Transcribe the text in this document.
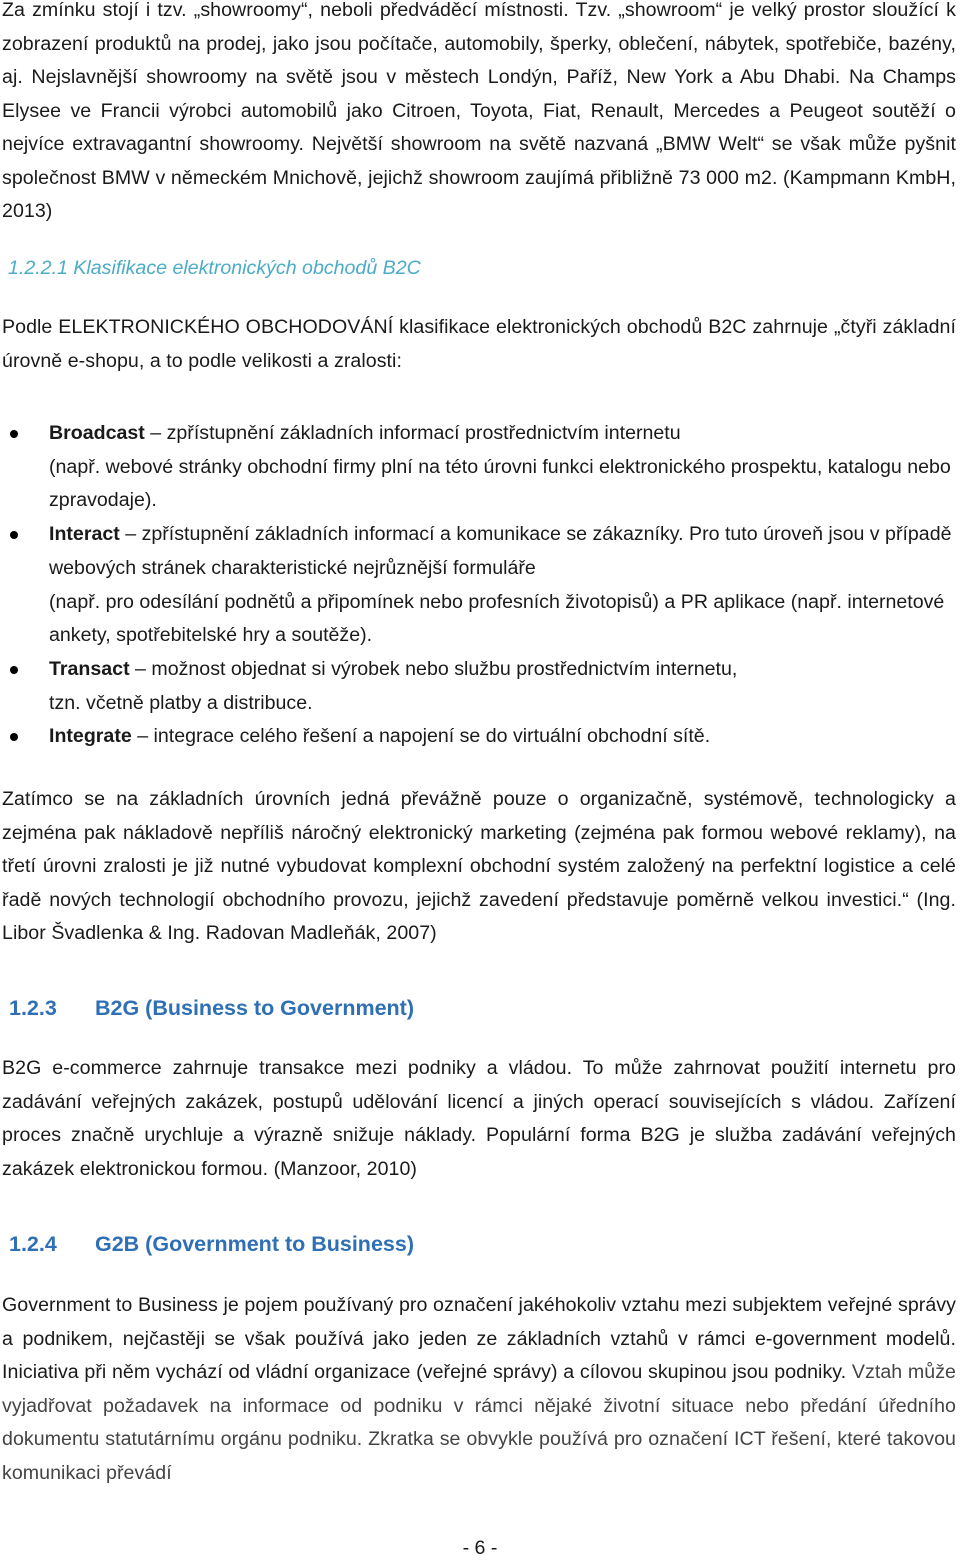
Za zmínku stojí i tzv. „showroomy“, neboli předváděcí místnosti. Tzv. „showroom“ je velký prostor sloužící k zobrazení produktů na prodej, jako jsou počítače, automobily, šperky, oblečení, nábytek, spotřebiče, bazény, aj. Nejslavnější showroomy na světě jsou v městech Londýn, Paříž, New York a Abu Dhabi. Na Champs Elysee ve Francii výrobci automobilů jako Citroen, Toyota, Fiat, Renault, Mercedes a Peugeot soutěží o nejvíce extravagantní showroomy. Největší showroom na světě nazvaná „BMW Welt“ se však může pyšnit společnost BMW v německém Mnichově, jejichž showroom zaujímá přibližně 73 000 m2. (Kampmann KmbH, 2013)

1.2.2.1 Klasifikace elektronických obchodů B2C

Podle ELEKTRONICKÉHO OBCHODOVÁNÍ klasifikace elektronických obchodů B2C zahrnuje „čtyři základní úrovně e-shopu, a to podle velikosti a zralosti:

Broadcast – zpřístupnění základních informací prostřednictvím internetu
(např. webové stránky obchodní firmy plní na této úrovni funkci elektronického prospektu, katalogu nebo zpravodaje).
Interact – zpřístupnění základních informací a komunikace se zákazníky. Pro tuto úroveň jsou v případě webových stránek charakteristické nejrůznější formuláře
(např. pro odesílání podnětů a připomínek nebo profesních životopisů) a PR aplikace (např. internetové ankety, spotřebitelské hry a soutěže).
Transact – možnost objednat si výrobek nebo službu prostřednictvím internetu,
tzn. včetně platby a distribuce.
Integrate – integrace celého řešení a napojení se do virtuální obchodní sítě.

Zatímco se na základních úrovních jedná převážně pouze o organizačně, systémově, technologicky a zejména pak nákladově nepříliš náročný elektronický marketing (zejména pak formou webové reklamy), na třetí úrovni zralosti je již nutné vybudovat komplexní obchodní systém založený na perfektní logistice a celé řadě nových technologií obchodního provozu, jejichž zavedení představuje poměrně velkou investici.“ (Ing. Libor Švadlenka & Ing. Radovan Madleňák, 2007)

1.2.3 B2G (Business to Government)

B2G e-commerce zahrnuje transakce mezi podniky a vládou. To může zahrnovat použití internetu pro zadávání veřejných zakázek, postupů udělování licencí a jiných operací souvisejících s vládou. Zařízení proces značně urychluje a výrazně snižuje náklady. Populární forma B2G je služba zadávání veřejných zakázek elektronickou formou. (Manzoor, 2010)

1.2.4 G2B (Government to Business)

Government to Business je pojem používaný pro označení jakéhokoliv vztahu mezi subjektem veřejné správy a podnikem, nejčastěji se však používá jako jeden ze základních vztahů v rámci e-government modelů. Iniciativa při něm vychází od vládní organizace (veřejné správy) a cílovou skupinou jsou podniky. Vztah může vyjadřovat požadavek na informace od podniku v rámci nějaké životní situace nebo předání úředního dokumentu statutárnímu orgánu podniku. Zkratka se obvykle používá pro označení ICT řešení, které takovou komunikaci převádí

- 6 -
